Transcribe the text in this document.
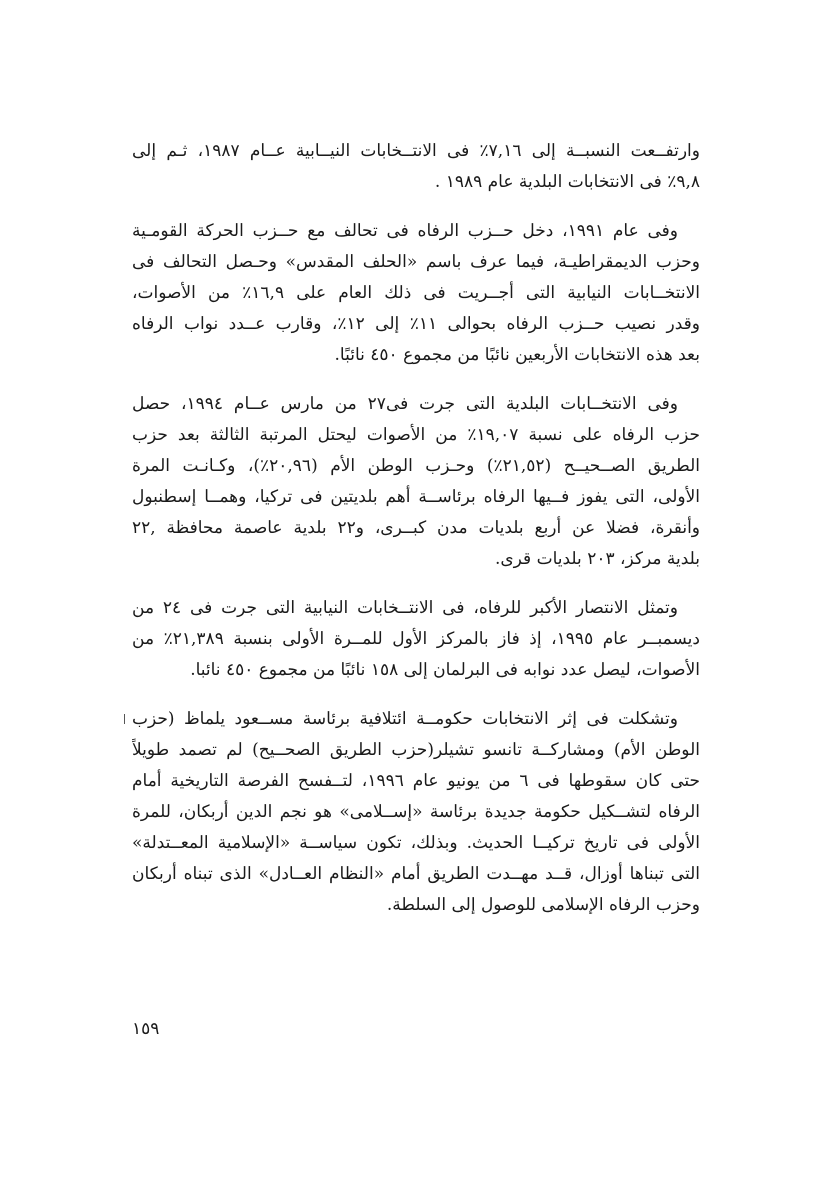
وارتفــعت النسبــة إلى ٧,١٦٪ فى الانتــخابات النيــابية عــام ١٩٨٧، ثـم إلى
٩,٨٪ فى الانتخابات البلدية عام ١٩٨٩ .

وفى عام ١٩٩١، دخل حــزب الرفاه فى تحالف مع حــزب الحركة القومـية
وحزب الديمقراطيـة، فيما عرف باسم «الحلف المقدس» وحـصل التحالف فى
الانتخــابات النيابية التى أجــريت فى ذلك العام على ١٦,٩٪ من الأصوات،
وقدر نصيب حــزب الرفاه بحوالى ١١٪ إلى ١٢٪، وقارب عــدد نواب الرفاه
بعد هذه الانتخابات الأربعين نائبًا من مجموع ٤٥٠ نائبًا.

وفى الانتخــابات البلدية التى جرت فى٢٧ من مارس عــام ١٩٩٤، حصل
حزب الرفاه على نسبة ١٩,٠٧٪ من الأصوات ليحتل المرتبة الثالثة بعد حزب
الطريق الصــحيــح (٢١,٥٢٪) وحـزب الوطن الأم (٢٠,٩٦٪)، وكـانـت المرة
الأولى، التى يفوز فــيها الرفاه برئاســة أهم بلديتين فى تركيا، وهمــا إسطنبول
وأنقرة، فضلا عن أربع بلديات مدن كبــرى، و٢٢ بلدية عاصمة محافظة ,٢٢
بلدية مركز، ٢٠٣ بلديات قرى.

وتمثل الانتصار الأكبر للرفاه، فى الانتــخابات النيابية التى جرت فى ٢٤ من
ديسمبــر عام ١٩٩٥، إذ فاز بالمركز الأول للمــرة الأولى بنسبة ٢١,٣٨٩٪ من
الأصوات، ليصل عدد نوابه فى البرلمان إلى ١٥٨ نائبًا من مجموع ٤٥٠ نائبا.

وتشكلت فى إثر الانتخابات حكومــة ائتلافية برئاسة مســعود يلماظ (حزب
الوطن الأم) ومشاركــة تانسو تشيلر(حزب الطريق الصحــيح) لم تصمد طويلاً
حتى كان سقوطها فى ٦ من يونيو عام ١٩٩٦، لتــفسح الفرصة التاريخية أمام
الرفاه لتشــكيل حكومة جديدة برئاسة «إســلامى» هو نجم الدين أربكان، للمرة
الأولى فى تاريخ تركيــا الحديث. وبذلك، تكون سياســة «الإسلامية المعــتدلة»
التى تبناها أوزال، قــد مهــدت الطريق أمام «النظام العــادل» الذى تبناه أربكان
وحزب الرفاه الإسلامى للوصول إلى السلطة.

١٥٩
